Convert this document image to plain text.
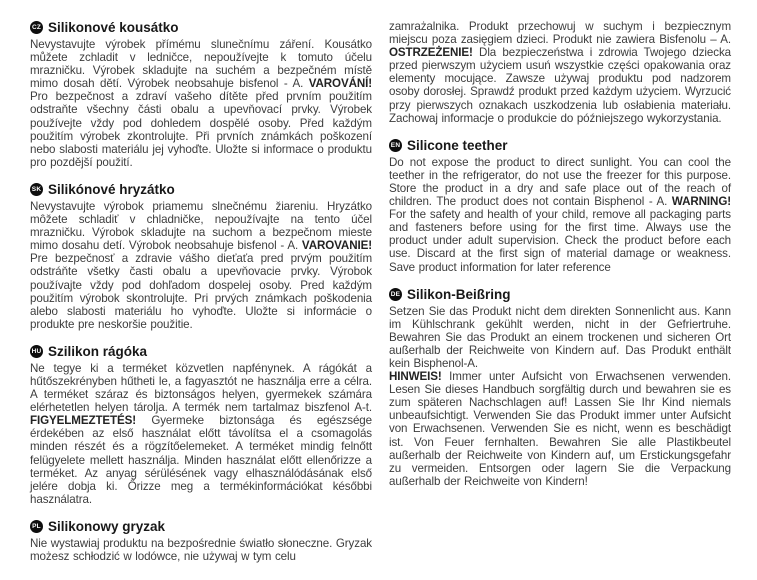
CZ Silikonové kousátko

Nevystavujte výrobek přímému slunečnímu záření. Kousátko můžete zchladit v ledničce, nepoužívejte k tomuto účelu mrazničku. Výrobek skladujte na suchém a bezpečném místě mimo dosah dětí. Výrobek neobsahuje bisfenol - A. VAROVÁNÍ! Pro bezpečnost a zdraví vašeho dítěte před prvním použitím odstraňte všechny části obalu a upevňovací prvky. Výrobek používejte vždy pod dohledem dospělé osoby. Před každým použitím výrobek zkontrolujte. Při prvních známkách poškození nebo slabosti materiálu jej vyhoďte. Uložte si informace o produktu pro pozdější použití.

SK Silikónové hryzátko

Nevystavujte výrobok priamemu slnečnému žiareniu. Hryzátko môžete schladiť v chladničke, nepoužívajte na tento účel mrazničku. Výrobok skladujte na suchom a bezpečnom mieste mimo dosahu detí. Výrobok neobsahuje bisfenol - A. VAROVANIE! Pre bezpečnosť a zdravie vášho dieťaťa pred prvým použitím odstráňte všetky časti obalu a upevňovacie prvky. Výrobok používajte vždy pod dohľadom dospelej osoby. Pred každým použitím výrobok skontrolujte. Pri prvých známkach poškodenia alebo slabosti materiálu ho vyhoďte. Uložte si informácie o produkte pre neskoršie použitie.

HU Szilikon rágóka

Ne tegye ki a terméket közvetlen napfénynek. A rágókát a hűtőszekrényben hűtheti le, a fagyasztót ne használja erre a célra. A terméket száraz és biztonságos helyen, gyermekek számára elérhetetlen helyen tárolja. A termék nem tartalmaz biszfenol A-t. FIGYELMEZTETÉS! Gyermeke biztonsága és egészsége érdekében az első használat előtt távolítsa el a csomagolás minden részét és a rögzítőelemeket. A terméket mindig felnőtt felügyelete mellett használja. Minden használat előtt ellenőrizze a terméket. Az anyag sérülésének vagy elhasználódásának első jelére dobja ki. Őrizze meg a termékinformációkat későbbi használatra.

PL Silikonowy gryzak

Nie wystawiaj produktu na bezpośrednie światło słoneczne. Gryzak możesz schłodzić w lodówce, nie używaj w tym celu

zamrażalnika. Produkt przechowuj w suchym i bezpiecznym miejscu poza zasięgiem dzieci. Produkt nie zawiera Bisfenolu – A. OSTRZEŻENIE! Dla bezpieczeństwa i zdrowia Twojego dziecka przed pierwszym użyciem usuń wszystkie części opakowania oraz elementy mocujące. Zawsze używaj produktu pod nadzorem osoby dorosłej. Sprawdź produkt przed każdym użyciem. Wyrzucić przy pierwszych oznakach uszkodzenia lub osłabienia materiału. Zachowaj informacje o produkcie do późniejszego wykorzystania.

EN Silicone teether

Do not expose the product to direct sunlight. You can cool the teether in the refrigerator, do not use the freezer for this purpose. Store the product in a dry and safe place out of the reach of children. The product does not contain Bisphenol - A. WARNING! For the safety and health of your child, remove all packaging parts and fasteners before using for the first time. Always use the product under adult supervision. Check the product before each use. Discard at the first sign of material damage or weakness. Save product information for later reference

DE Silikon-Beißring

Setzen Sie das Produkt nicht dem direkten Sonnenlicht aus. Kann im Kühlschrank gekühlt werden, nicht in der Gefriertruhe. Bewahren Sie das Produkt an einem trockenen und sicheren Ort außerhalb der Reichweite von Kindern auf. Das Produkt enthält kein Bisphenol-A.

HINWEIS! Immer unter Aufsicht von Erwachsenen verwenden. Lesen Sie dieses Handbuch sorgfältig durch und bewahren sie es zum späteren Nachschlagen auf! Lassen Sie Ihr Kind niemals unbeaufsichtigt. Verwenden Sie das Produkt immer unter Aufsicht von Erwachsenen. Verwenden Sie es nicht, wenn es beschädigt ist. Von Feuer fernhalten. Bewahren Sie alle Plastikbeutel außerhalb der Reichweite von Kindern auf, um Erstickungsgefahr zu vermeiden. Entsorgen oder lagern Sie die Verpackung außerhalb der Reichweite von Kindern!
